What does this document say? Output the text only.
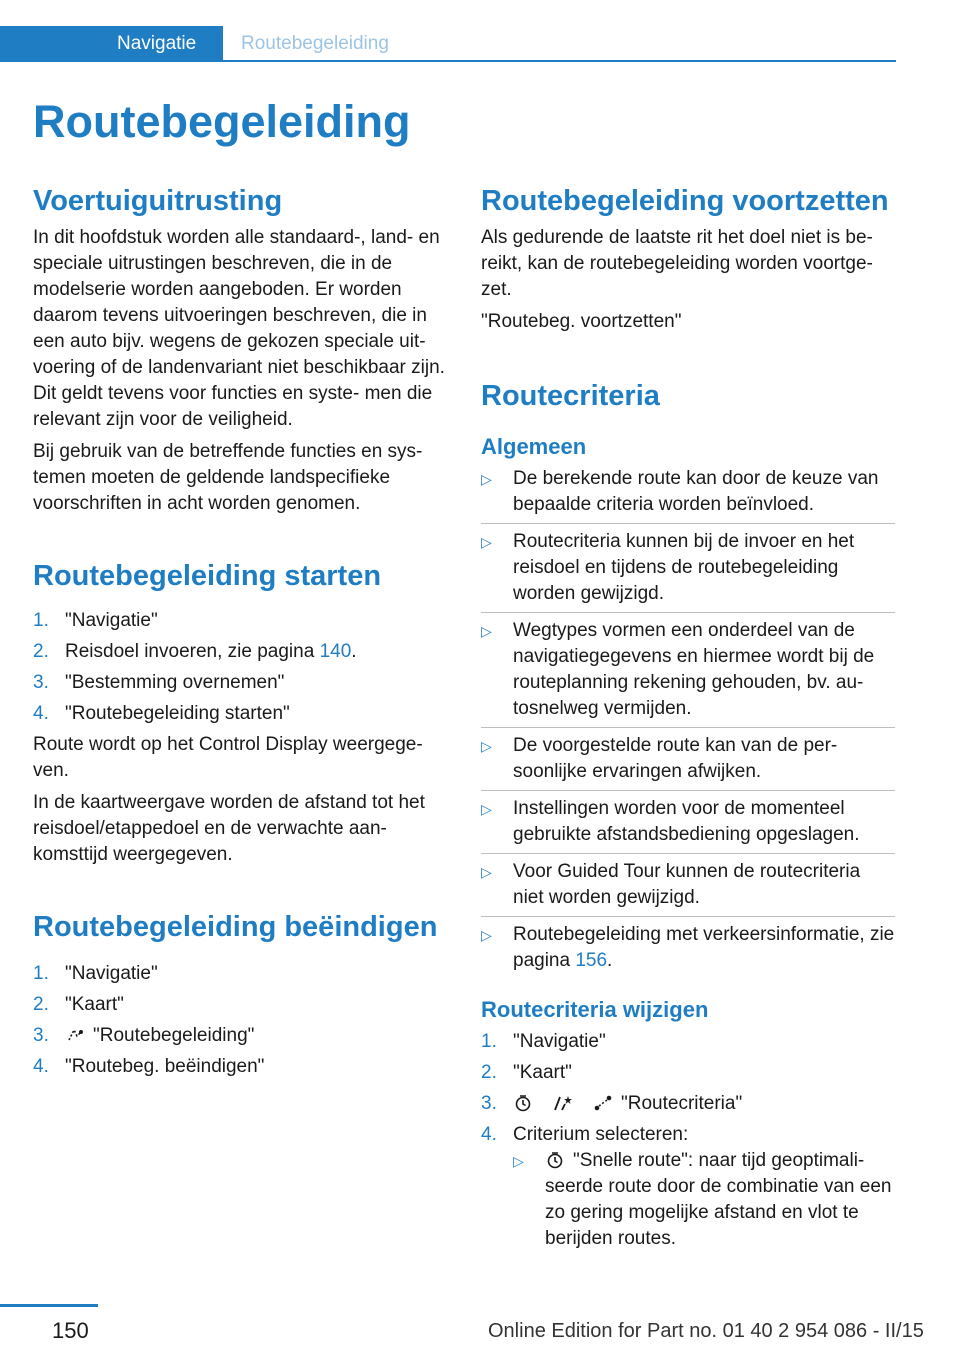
Navigatie Routebegeleiding
Routebegeleiding
Voertuiguitrusting

In dit hoofdstuk worden alle standaard-, land- en speciale uitrustingen beschreven, die in de modelserie worden aangeboden. Er worden daarom tevens uitvoeringen beschreven, die in een auto bijv. wegens de gekozen speciale uit- voering of de landenvariant niet beschikbaar zijn. Dit geldt tevens voor functies en syste- men die relevant zijn voor de veiligheid.

Bij gebruik van de betreffende functies en sys- temen moeten de geldende landspecifieke voorschriften in acht worden genomen.

Routebegeleiding starten
1. "Navigatie"
2. Reisdoel invoeren, zie pagina 140.
3. "Bestemming overnemen"
4. "Routebegeleiding starten"

Route wordt op het Control Display weergege- ven.

In de kaartweergave worden de afstand tot het reisdoel/etappedoel en de verwachte aan- komsttijd weergegeven.

Routebegeleiding beëindigen
1. "Navigatie"
2. "Kaart"
3. "Routebegeleiding"
4. "Routebeg. beëindigen"
Routebegeleiding voortzetten

Als gedurende de laatste rit het doel niet is be- reikt, kan de routebegeleiding worden voortge- zet.

"Routebeg. voortzetten"

Routecriteria
Algemeen
▷ De berekende route kan door de keuze van bepaalde criteria worden beïnvloed.
▷ Routecriteria kunnen bij de invoer en het reisdoel en tijdens de routebegeleiding worden gewijzigd.
▷ Wegtypes vormen een onderdeel van de navigatiegegevens en hiermee wordt bij de routeplanning rekening gehouden, bv. au- tosnelweg vermijden.
▷ De voorgestelde route kan van de per- soonlijke ervaringen afwijken.
▷ Instellingen worden voor de momenteel gebruikte afstandsbediening opgeslagen.
▷ Voor Guided Tour kunnen de routecriteria niet worden gewijzigd.
▷ Routebegeleiding met verkeersinformatie, zie pagina 156.
Routecriteria wijzigen
1. "Navigatie"
2. "Kaart"
3.	"Routecriteria"
4. Criterium selecteren:
▷	"Snelle route": naar tijd geoptimali- seerde route door de combinatie van een zo gering mogelijke afstand en vlot te berijden routes.
150	Online Edition for Part no. 01 40 2 954 086 - II/15
